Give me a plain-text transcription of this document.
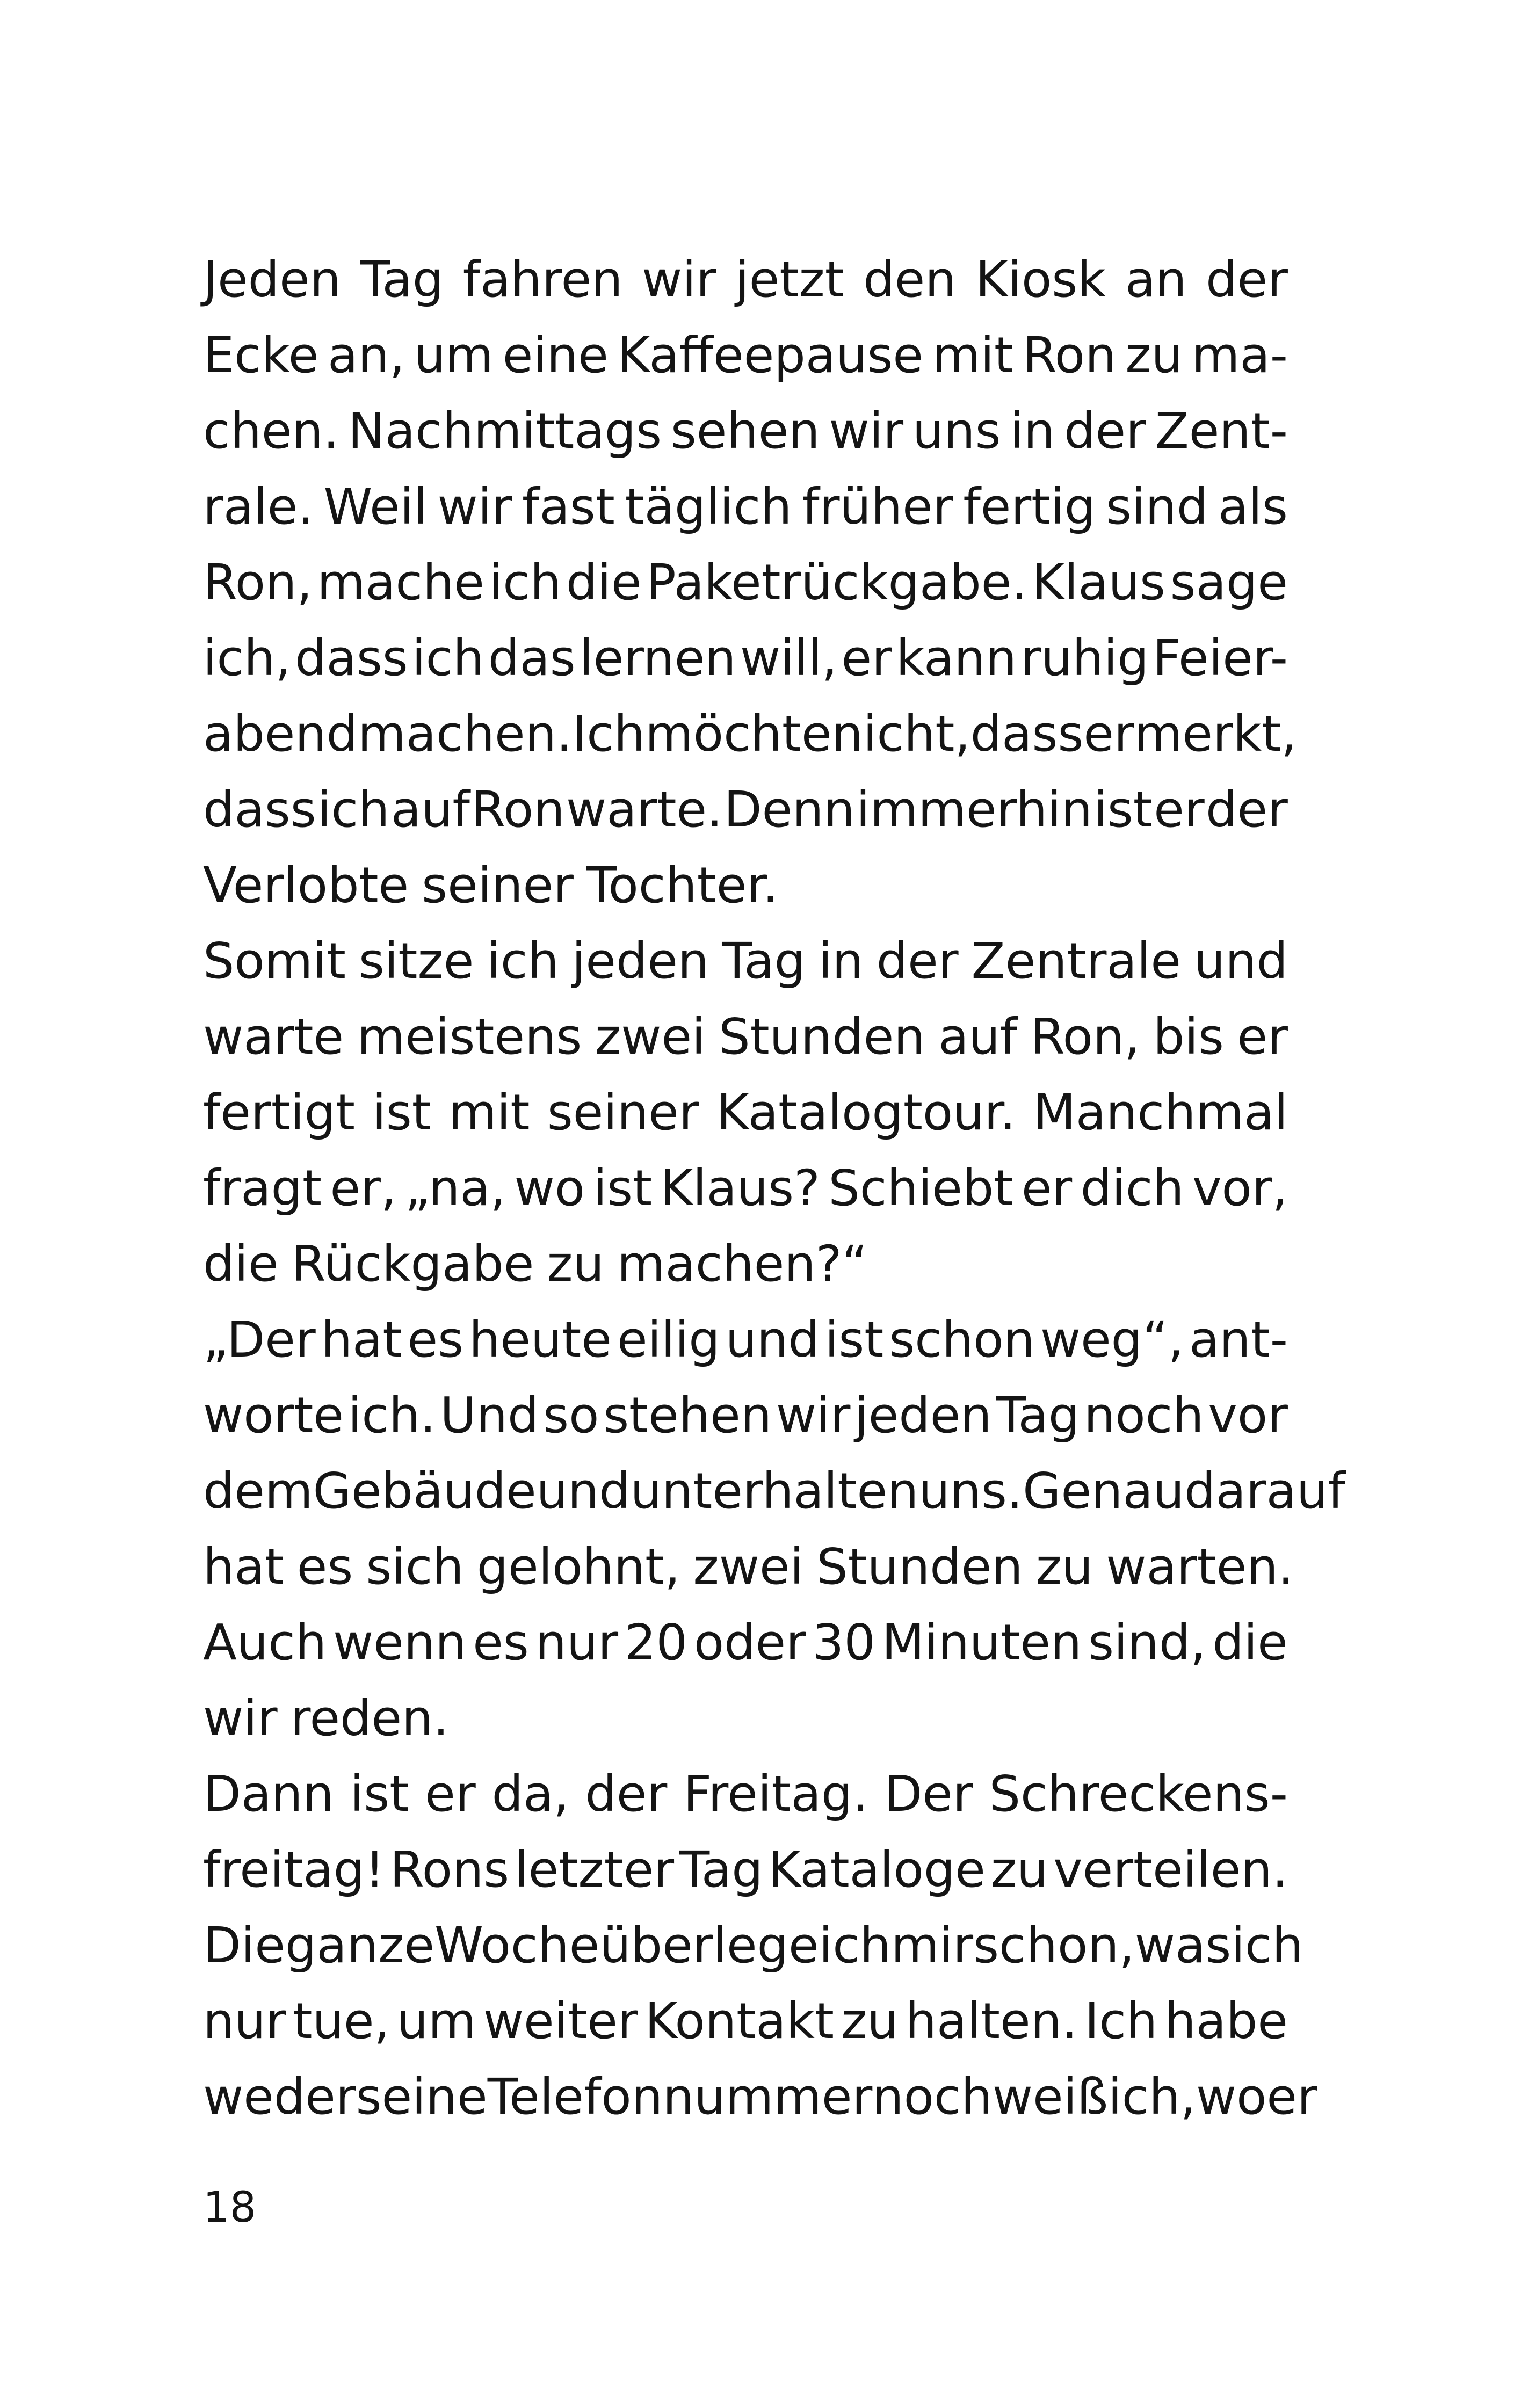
Jeden Tag fahren wir jetzt den Kiosk an der
Ecke an, um eine Kaffeepause mit Ron zu ma-
chen. Nachmittags sehen wir uns in der Zent-
rale. Weil wir fast täglich früher fertig sind als
Ron, mache ich die Paketrückgabe. Klaus sage
ich, dass ich das lernen will, er kann ruhig Feier-
abend machen. Ich möchte nicht, dass er merkt,
dass ich auf Ron warte. Denn immerhin ist er der
Verlobte seiner Tochter.
Somit sitze ich jeden Tag in der Zentrale und
warte meistens zwei Stunden auf Ron, bis er
fertigt ist mit seiner Katalogtour. Manchmal
fragt er, „na, wo ist Klaus? Schiebt er dich vor,
die Rückgabe zu machen?“
„Der hat es heute eilig und ist schon weg“, ant-
worte ich. Und so stehen wir jeden Tag noch vor
dem Gebäude und unterhalten uns. Genau darauf
hat es sich gelohnt, zwei Stunden zu warten.
Auch wenn es nur 20 oder 30 Minuten sind, die
wir reden.
Dann ist er da, der Freitag. Der Schreckens-
freitag! Rons letzter Tag Kataloge zu verteilen.
Die ganze Woche überlege ich mir schon, was ich
nur tue, um weiter Kontakt zu halten. Ich habe
weder seine Telefonnummer noch weiß ich, wo er
18
